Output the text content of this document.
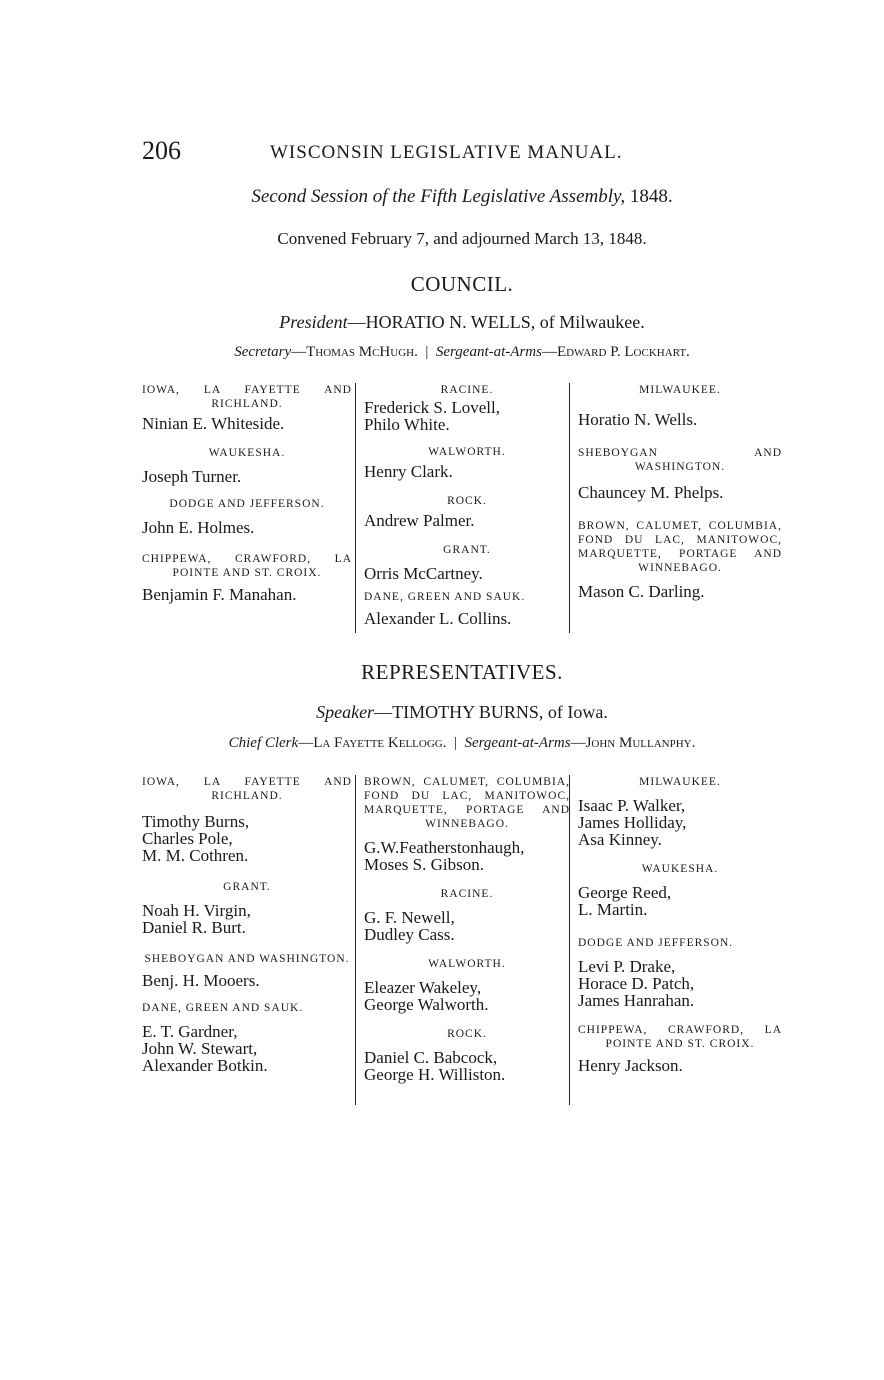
206	WISCONSIN LEGISLATIVE MANUAL.
Second Session of the Fifth Legislative Assembly, 1848.
Convened February 7, and adjourned March 13, 1848.
COUNCIL.
President—HORATIO N. WELLS, of Milwaukee.
Secretary—Thomas McHugh. | Sergeant-at-Arms—Edward P. Lockhart.

IOWA, LA FAYETTE AND RICHLAND.

Ninian E. Whiteside.

WAUKESHA.

Joseph Turner.

DODGE AND JEFFERSON.

John E. Holmes.

CHIPPEWA, CRAWFORD, LA POINTE AND ST. CROIX.

Benjamin F. Manahan.

RACINE.

Frederick S. Lovell,
Philo White.

WALWORTH.

Henry Clark.

ROCK.

Andrew Palmer.

GRANT.

Orris McCartney.

DANE, GREEN AND SAUK.

Alexander L. Collins.

MILWAUKEE.

Horatio N. Wells.

SHEBOYGAN AND WASHINGTON.

Chauncey M. Phelps.

BROWN, CALUMET, COLUMBIA, FOND DU LAC, MANITOWOC, MARQUETTE, PORTAGE AND WINNEBAGO.

Mason C. Darling.
REPRESENTATIVES.
Speaker—TIMOTHY BURNS, of Iowa.
Chief Clerk—La Fayette Kellogg. | Sergeant-at-Arms—John Mullanphy.

IOWA, LA FAYETTE AND RICHLAND.

Timothy Burns,
Charles Pole,
M. M. Cothren.

GRANT.

Noah H. Virgin,
Daniel R. Burt.

SHEBOYGAN AND WASHINGTON.

Benj. H. Mooers.

DANE, GREEN AND SAUK.

E. T. Gardner,
John W. Stewart,
Alexander Botkin.

BROWN, CALUMET, COLUMBIA, FOND DU LAC, MANITOWOC, MARQUETTE, PORTAGE AND WINNEBAGO.

G.W.Featherstonhaugh,
Moses S. Gibson.

RACINE.

G. F. Newell,
Dudley Cass.

WALWORTH.

Eleazer Wakeley,
George Walworth.

ROCK.

Daniel C. Babcock,
George H. Williston.

MILWAUKEE.

Isaac P. Walker,
James Holliday,
Asa Kinney.

WAUKESHA.

George Reed,
L. Martin.

DODGE AND JEFFERSON.

Levi P. Drake,
Horace D. Patch,
James Hanrahan.

CHIPPEWA, CRAWFORD, LA POINTE AND ST. CROIX.

Henry Jackson.
